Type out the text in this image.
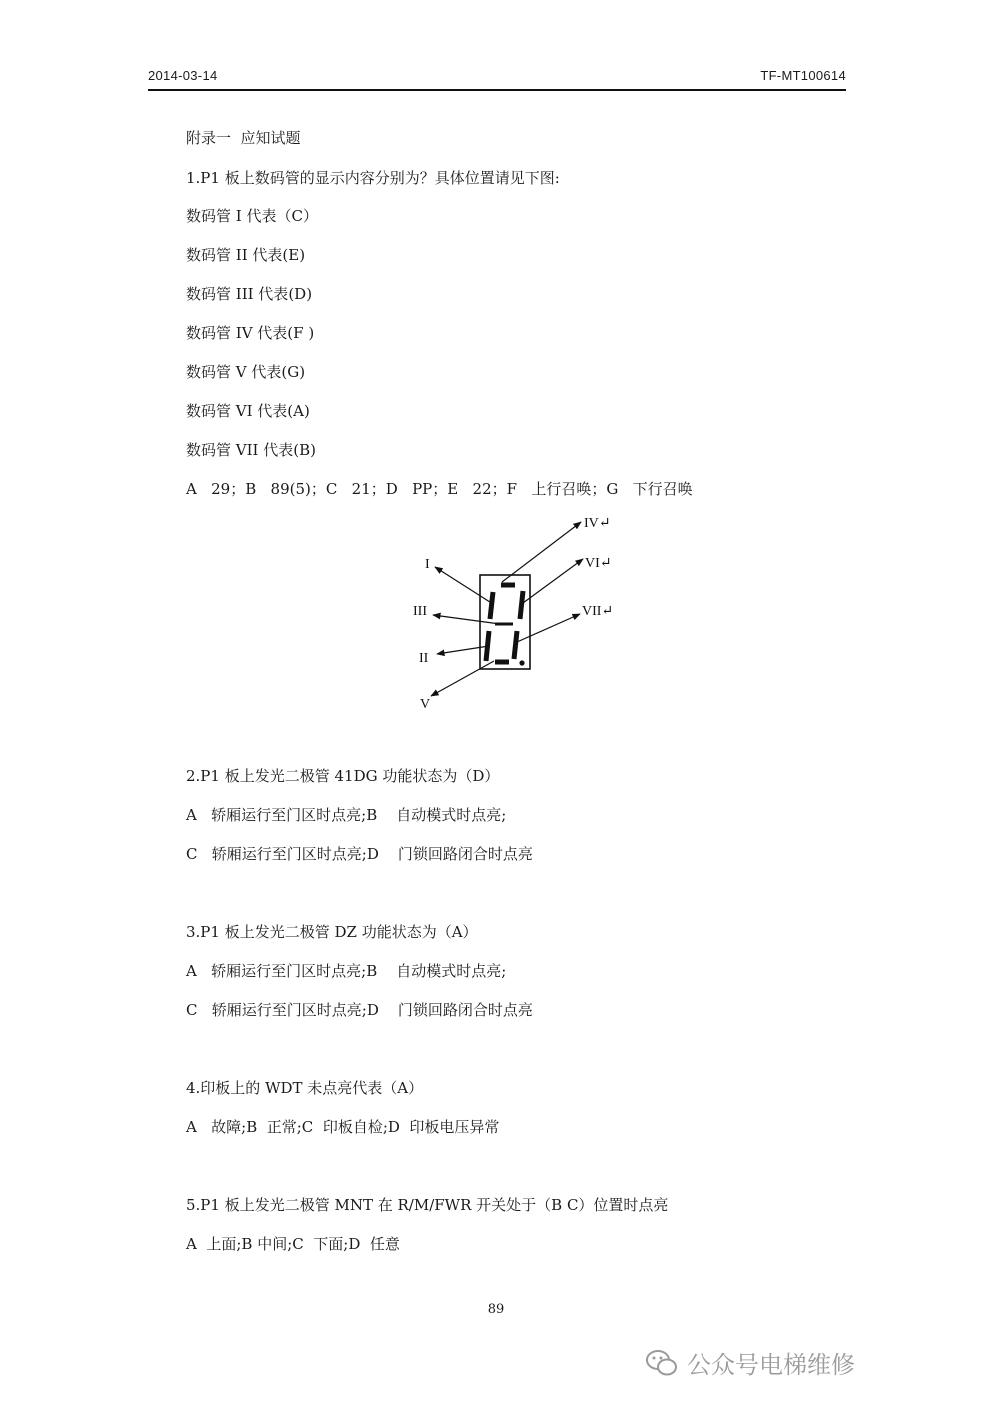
2014-03-14	TF-MT100614
附录一  应知试题
1.P1 板上数码管的显示内容分别为？具体位置请见下图:
数码管 I 代表（C）
数码管 II 代表(E)
数码管 III 代表(D)
数码管 IV 代表(F )
数码管 V 代表(G)
数码管 VI 代表(A)
数码管 VII 代表(B)
A   29；B   89(5)；C   21；D   PP；E   22；F   上行召唤；G   下行召唤
I
III
II
V
IV↵
VI↵
VII↵
2.P1 板上发光二极管 41DG 功能状态为（D）
A   轿厢运行至门区时点亮;B    自动模式时点亮;
C   轿厢运行至门区时点亮;D    门锁回路闭合时点亮
3.P1 板上发光二极管 DZ 功能状态为（A）
A   轿厢运行至门区时点亮;B    自动模式时点亮;
C   轿厢运行至门区时点亮;D    门锁回路闭合时点亮
4.印板上的 WDT 未点亮代表（A）
A   故障;B  正常;C  印板自检;D  印板电压异常
5.P1 板上发光二极管 MNT 在 R/M/FWR 开关处于（B C）位置时点亮
A  上面;B 中间;C  下面;D  任意
89
公众号电梯维修
